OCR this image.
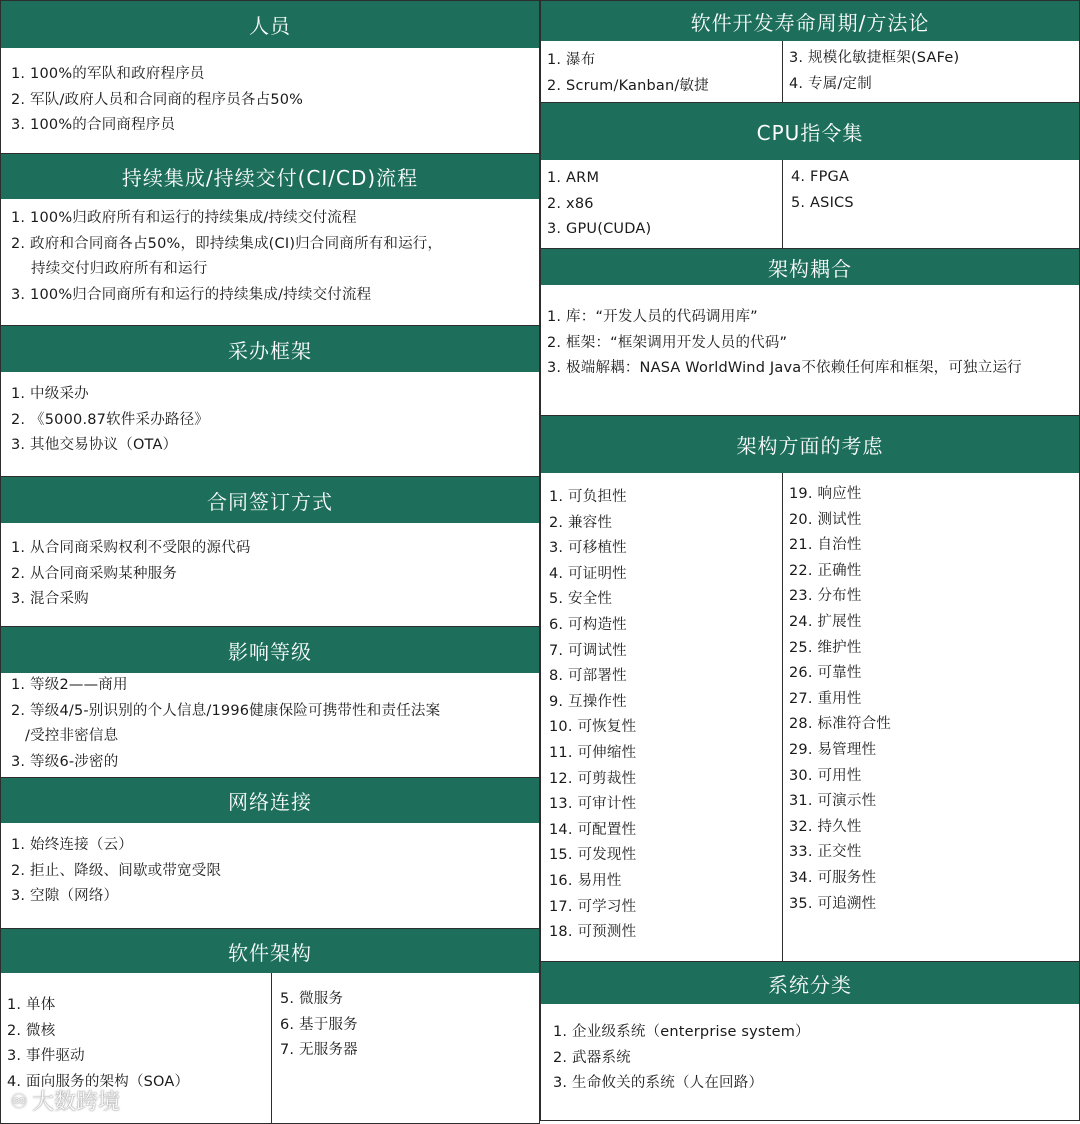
人员
1. 100%的军队和政府程序员
2. 军队/政府人员和合同商的程序员各占50%
3. 100%的合同商程序员
持续集成/持续交付(CI/CD)流程
1. 100%归政府所有和运行的持续集成/持续交付流程
2. 政府和合同商各占50%，即持续集成(CI)归合同商所有和运行，
持续交付归政府所有和运行
3. 100%归合同商所有和运行的持续集成/持续交付流程
采办框架
1. 中级采办
2. 《5000.87软件采办路径》
3. 其他交易协议（OTA）
合同签订方式
1. 从合同商采购权利不受限的源代码
2. 从合同商采购某种服务
3. 混合采购
影响等级
1. 等级2——商用
2. 等级4/5-别识别的个人信息/1996健康保险可携带性和责任法案
/受控非密信息
3. 等级6-涉密的
网络连接
1. 始终连接（云）
2. 拒止、降级、间歇或带宽受限
3. 空隙（网络）
软件架构
1. 单体
2. 微核
3. 事件驱动
4. 面向服务的架构（SOA）
5. 微服务
6. 基于服务
7. 无服务器
软件开发寿命周期/方法论
1. 瀑布
2. Scrum/Kanban/敏捷
3. 规模化敏捷框架(SAFe)
4. 专属/定制
CPU指令集
1. ARM
2. x86
3. GPU(CUDA)
4. FPGA
5. ASICS
架构耦合
1. 库：“开发人员的代码调用库”
2. 框架：“框架调用开发人员的代码”
3. 极端解耦：NASA WorldWind Java不依赖任何库和框架，可独立运行
架构方面的考虑
1. 可负担性
2. 兼容性
3. 可移植性
4. 可证明性
5. 安全性
6. 可构造性
7. 可调试性
8. 可部署性
9. 互操作性
10. 可恢复性
11. 可伸缩性
12. 可剪裁性
13. 可审计性
14. 可配置性
15. 可发现性
16. 易用性
17. 可学习性
18. 可预测性
19. 响应性
20. 测试性
21. 自治性
22. 正确性
23. 分布性
24. 扩展性
25. 维护性
26. 可靠性
27. 重用性
28. 标准符合性
29. 易管理性
30. 可用性
31. 可演示性
32. 持久性
33. 正交性
34. 可服务性
35. 可追溯性
系统分类
1. 企业级系统（enterprise system）
2. 武器系统
3. 生命攸关的系统（人在回路）
♾ 大数跨境
